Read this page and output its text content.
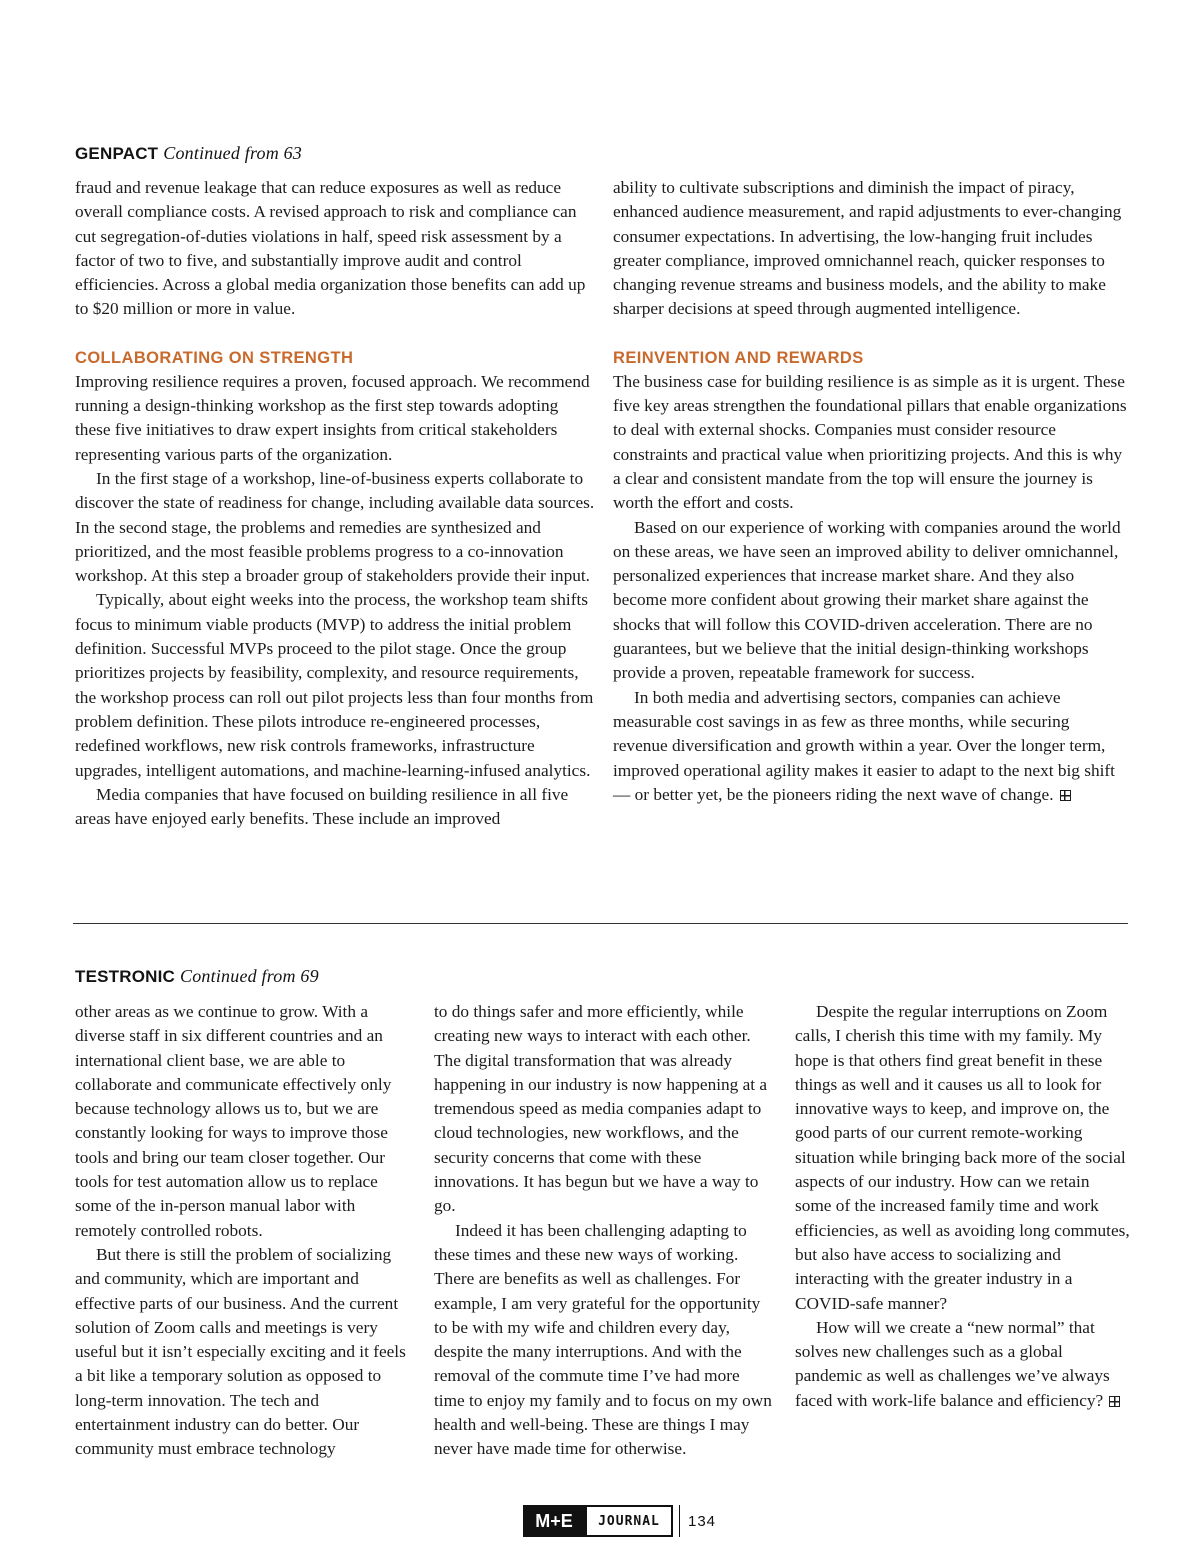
GENPACT Continued from 63

fraud and revenue leakage that can reduce exposures as well as reduce overall compliance costs. A revised approach to risk and compliance can cut segregation-of-duties violations in half, speed risk assessment by a factor of two to five, and substantially improve audit and control efficiencies. Across a global media organization those benefits can add up to $20 million or more in value.

COLLABORATING ON STRENGTH

Improving resilience requires a proven, focused approach. We recommend running a design-thinking workshop as the first step towards adopting these five initiatives to draw expert insights from critical stakeholders representing various parts of the organization.

In the first stage of a workshop, line-of-business experts collaborate to discover the state of readiness for change, including available data sources. In the second stage, the problems and remedies are synthesized and prioritized, and the most feasible problems progress to a co-innovation workshop. At this step a broader group of stakeholders provide their input.

Typically, about eight weeks into the process, the workshop team shifts focus to minimum viable products (MVP) to address the initial problem definition. Successful MVPs proceed to the pilot stage. Once the group prioritizes projects by feasibility, complexity, and resource requirements, the workshop process can roll out pilot projects less than four months from problem definition. These pilots introduce re-engineered processes, redefined workflows, new risk controls frameworks, infrastructure upgrades, intelligent automations, and machine-learning-infused analytics.

Media companies that have focused on building resilience in all five areas have enjoyed early benefits. These include an improved

ability to cultivate subscriptions and diminish the impact of piracy, enhanced audience measurement, and rapid adjustments to ever-changing consumer expectations. In advertising, the low-hanging fruit includes greater compliance, improved omnichannel reach, quicker responses to changing revenue streams and business models, and the ability to make sharper decisions at speed through augmented intelligence.

REINVENTION AND REWARDS

The business case for building resilience is as simple as it is urgent. These five key areas strengthen the foundational pillars that enable organizations to deal with external shocks. Companies must consider resource constraints and practical value when prioritizing projects. And this is why a clear and consistent mandate from the top will ensure the journey is worth the effort and costs.

Based on our experience of working with companies around the world on these areas, we have seen an improved ability to deliver omnichannel, personalized experiences that increase market share. And they also become more confident about growing their market share against the shocks that will follow this COVID-driven acceleration. There are no guarantees, but we believe that the initial design-thinking workshops provide a proven, repeatable framework for success.

In both media and advertising sectors, companies can achieve measurable cost savings in as few as three months, while securing revenue diversification and growth within a year. Over the longer term, improved operational agility makes it easier to adapt to the next big shift — or better yet, be the pioneers riding the next wave of change.

TESTRONIC Continued from 69

other areas as we continue to grow. With a diverse staff in six different countries and an international client base, we are able to collaborate and communicate effectively only because technology allows us to, but we are constantly looking for ways to improve those tools and bring our team closer together. Our tools for test automation allow us to replace some of the in-person manual labor with remotely controlled robots.

But there is still the problem of socializing and community, which are important and effective parts of our business. And the current solution of Zoom calls and meetings is very useful but it isn’t especially exciting and it feels a bit like a temporary solution as opposed to long-term innovation. The tech and entertainment industry can do better. Our community must embrace technology

to do things safer and more efficiently, while creating new ways to interact with each other. The digital transformation that was already happening in our industry is now happening at a tremendous speed as media companies adapt to cloud technologies, new workflows, and the security concerns that come with these innovations. It has begun but we have a way to go.

Indeed it has been challenging adapting to these times and these new ways of working. There are benefits as well as challenges. For example, I am very grateful for the opportunity to be with my wife and children every day, despite the many interruptions. And with the removal of the commute time I’ve had more time to enjoy my family and to focus on my own health and well-being. These are things I may never have made time for otherwise.

Despite the regular interruptions on Zoom calls, I cherish this time with my family. My hope is that others find great benefit in these things as well and it causes us all to look for innovative ways to keep, and improve on, the good parts of our current remote-working situation while bringing back more of the social aspects of our industry. How can we retain some of the increased family time and work efficiencies, as well as avoiding long commutes, but also have access to socializing and interacting with the greater industry in a COVID-safe manner?

How will we create a “new normal” that solves new challenges such as a global pandemic as well as challenges we’ve always faced with work-life balance and efficiency?

M+E	JOURNAL	134
